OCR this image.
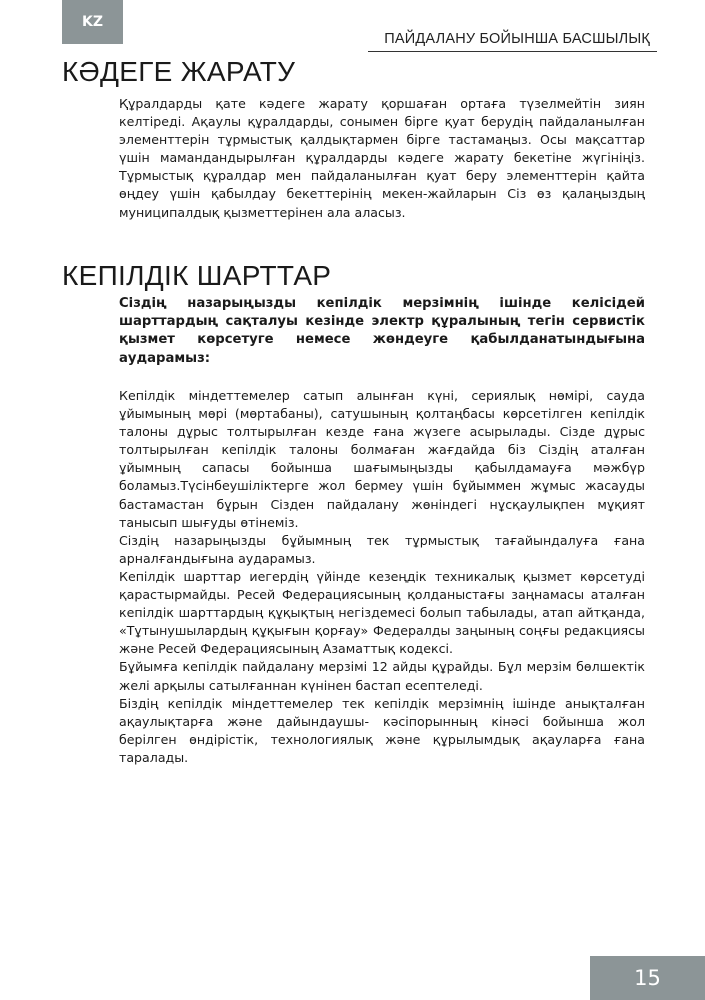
KZ
ПАЙДАЛАНУ БОЙЫНША БАСШЫЛЫҚ
КӘДЕГЕ ЖАРАТУ

Құралдарды қате кәдеге жарату қоршаған ортаға түзелмейтін зиян келтіреді. Ақаулы құралдарды, сонымен бірге қуат берудің пайдаланылған элементтерін тұрмыстық қалдықтармен бірге тастамаңыз. Осы мақсаттар үшін мамандандырылған құралдарды кәдеге жарату бекетіне жүгініңіз. Тұрмыстық құралдар мен пайдаланылған қуат беру элементтерін қайта өңдеу үшін қабылдау бекеттерінің мекен-жайларын Сіз өз қалаңыздың муниципалдық қызметтерінен ала аласыз.

КЕПІЛДІК ШАРТТАР

Сіздің назарыңызды кепілдік мерзімнің ішінде келісідей шарттардың сақталуы кезінде электр құралының тегін сервистік қызмет көрсетуге немесе жөндеуге қабылданатындығына аударамыз:

Кепілдік міндеттемелер сатып алынған күні, сериялық нөмірі, сауда ұйымының мөрі (мөртабаны), сатушының қолтаңбасы көрсетілген кепілдік талоны дұрыс толтырылған кезде ғана жүзеге асырылады. Сізде дұрыс толтырылған кепілдік талоны болмаған жағдайда біз Сіздің аталған ұйымның сапасы бойынша шағымыңызды қабылдамауға мәжбүр боламыз.Түсінбеушіліктерге жол бермеу үшін бұйыммен жұмыс жасауды бастамастан бұрын Сізден пайдалану жөніндегі нұсқаулықпен мұқият танысып шығуды өтінеміз.

Сіздің назарыңызды бұйымның тек тұрмыстық тағайындалуға ғана арналғандығына аударамыз.

Кепілдік шарттар иегердің үйінде кезеңдік техникалық қызмет көрсетуді қарастырмайды. Ресей Федерациясының қолданыстағы заңнамасы аталған кепілдік шарттардың құқықтың негіздемесі болып табылады, атап айтқанда, «Тұтынушылардың құқығын қорғау» Федералды заңының соңғы редакциясы және Ресей Федерациясының Азаматтық кодексі.

Бұйымға кепілдік пайдалану мерзімі 12 айды құрайды. Бұл мерзім бөлшектік желі арқылы сатылғаннан күнінен бастап есептеледі.

Біздің кепілдік міндеттемелер тек кепілдік мерзімнің ішінде анықталған ақаулықтарға және дайындаушы- кәсіпорынның кінәсі бойынша жол берілген өндірістік, технологиялық және құрылымдық ақауларға ғана таралады.

15
